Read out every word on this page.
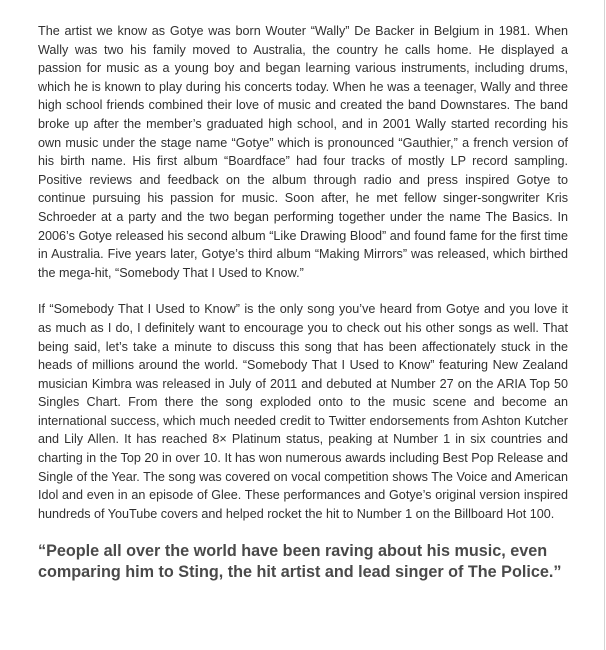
The artist we know as Gotye was born Wouter “Wally” De Backer in Belgium in 1981. When Wally was two his family moved to Australia, the country he calls home. He displayed a passion for music as a young boy and began learning various instruments, including drums, which he is known to play during his concerts today. When he was a teenager, Wally and three high school friends combined their love of music and created the band Downstares. The band broke up after the member’s graduated high school, and in 2001 Wally started recording his own music under the stage name “Gotye” which is pronounced “Gauthier,” a french version of his birth name. His first album “Boardface” had four tracks of mostly LP record sampling. Positive reviews and feedback on the album through radio and press inspired Gotye to continue pursuing his passion for music. Soon after, he met fellow singer-songwriter Kris Schroeder at a party and the two began performing together under the name The Basics. In 2006’s Gotye released his second album “Like Drawing Blood” and found fame for the first time in Australia. Five years later, Gotye’s third album “Making Mirrors” was released, which birthed the mega-hit, “Somebody That I Used to Know.”

If “Somebody That I Used to Know” is the only song you’ve heard from Gotye and you love it as much as I do, I definitely want to encourage you to check out his other songs as well. That being said, let’s take a minute to discuss this song that has been affectionately stuck in the heads of millions around the world. “Somebody That I Used to Know” featuring New Zealand musician Kimbra was released in July of 2011 and debuted at Number 27 on the ARIA Top 50 Singles Chart. From there the song exploded onto to the music scene and become an international success, which much needed credit to Twitter endorsements from Ashton Kutcher and Lily Allen. It has reached 8× Platinum status, peaking at Number 1 in six countries and charting in the Top 20 in over 10. It has won numerous awards including Best Pop Release and Single of the Year. The song was covered on vocal competition shows The Voice and American Idol and even in an episode of Glee. These performances and Gotye’s original version inspired hundreds of YouTube covers and helped rocket the hit to Number 1 on the Billboard Hot 100.

“People all over the world have been raving about his music, even comparing him to Sting, the hit artist and lead singer of The Police.”
